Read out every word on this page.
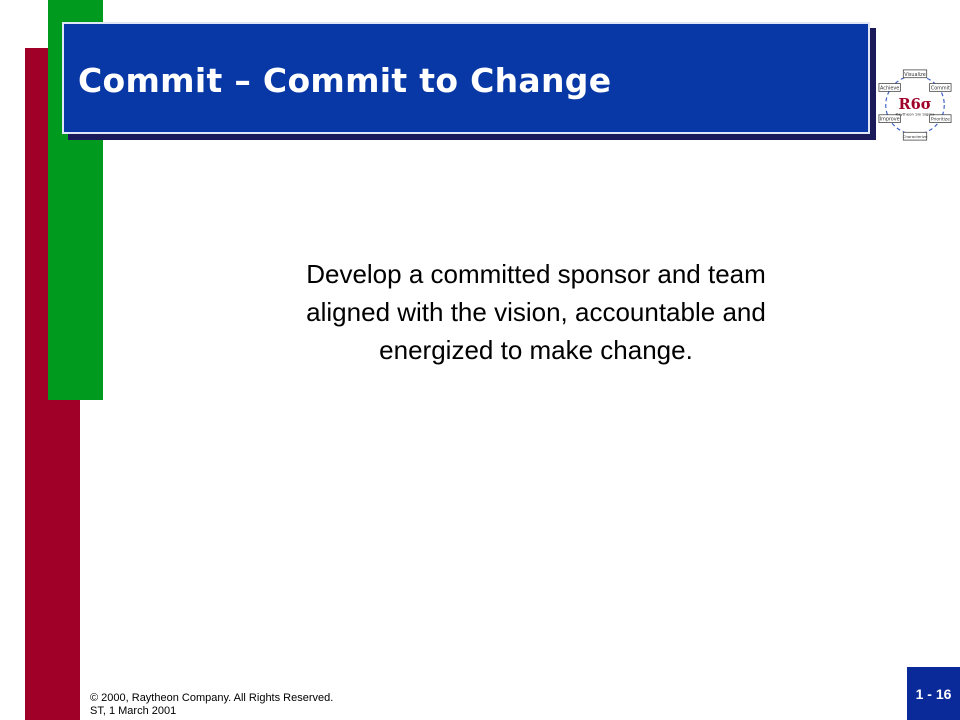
Commit – Commit to Change	Visualize
Commit
Prioritize
Characterize
Improve
Achieve
R6σ
Raytheon Six Sigma
Develop a committed sponsor and team
aligned with the vision, accountable and
energized to make change.
© 2000, Raytheon Company. All Rights Reserved.
ST, 1 March 2001
1 - 16
